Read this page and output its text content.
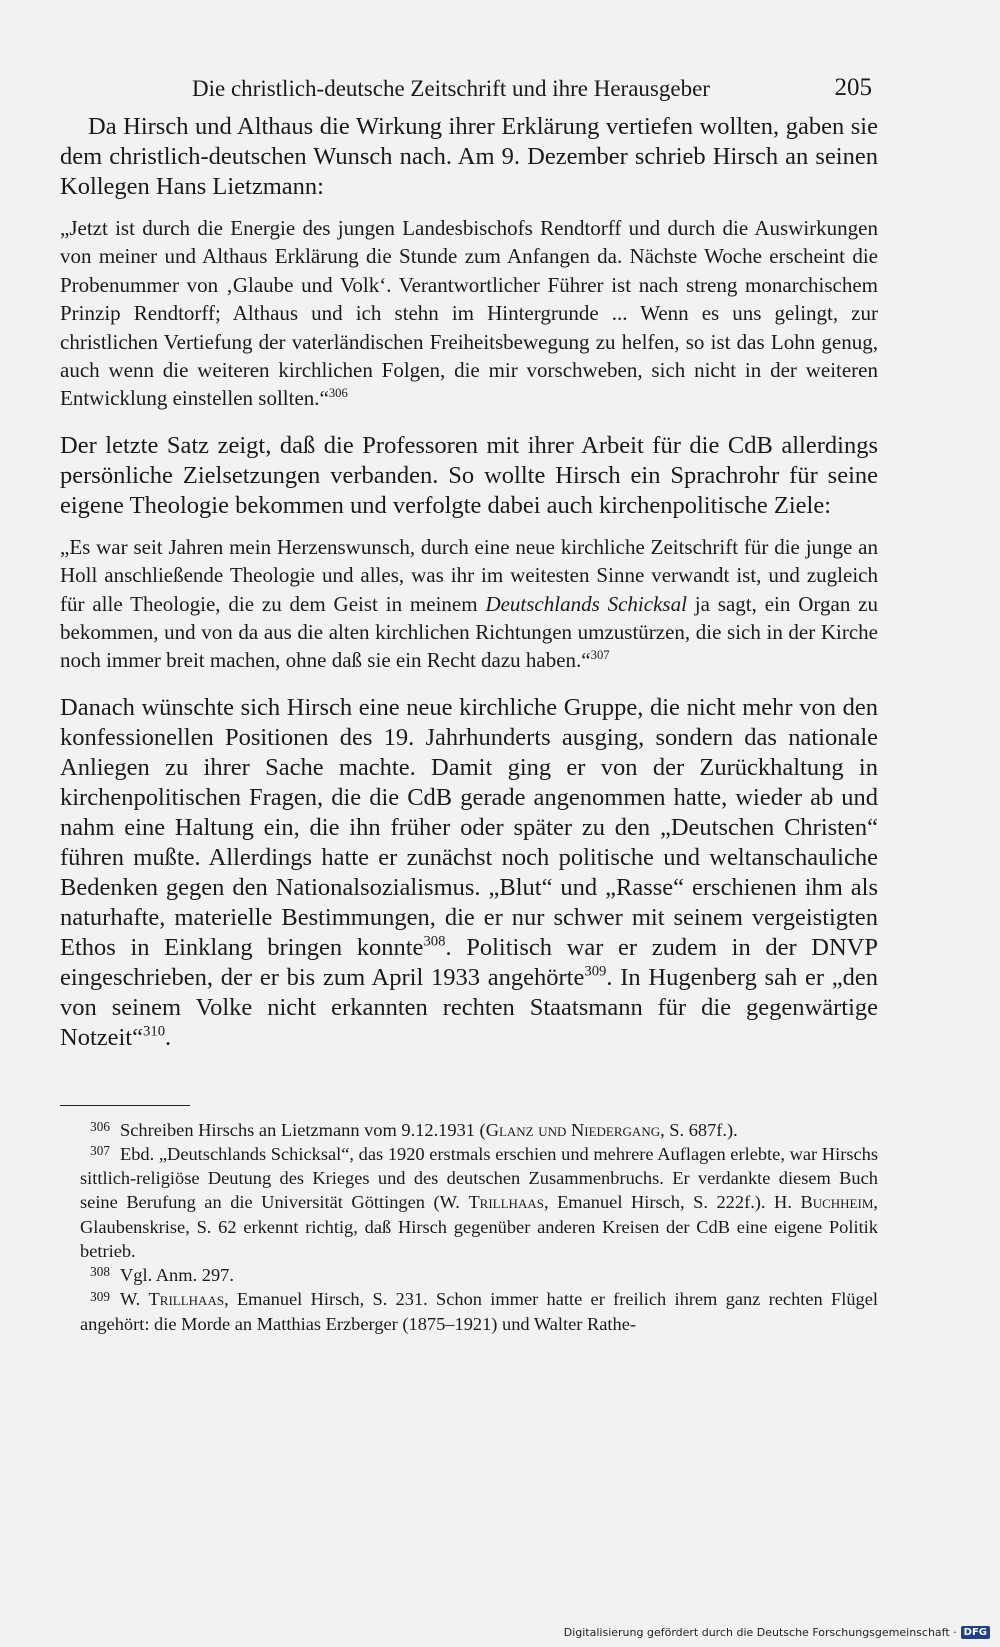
Die christlich-deutsche Zeitschrift und ihre Herausgeber	205

Da Hirsch und Althaus die Wirkung ihrer Erklärung vertiefen wollten, gaben sie dem christlich-deutschen Wunsch nach. Am 9. Dezember schrieb Hirsch an seinen Kollegen Hans Lietzmann:

„Jetzt ist durch die Energie des jungen Landesbischofs Rendtorff und durch die Auswirkungen von meiner und Althaus Erklärung die Stunde zum Anfangen da. Nächste Woche erscheint die Probenummer von ‚Glaube und Volk‘. Verantwortlicher Führer ist nach streng monarchischem Prinzip Rendtorff; Althaus und ich stehn im Hintergrunde ... Wenn es uns gelingt, zur christlichen Vertiefung der vaterländischen Freiheitsbewegung zu helfen, so ist das Lohn genug, auch wenn die weiteren kirchlichen Folgen, die mir vorschweben, sich nicht in der weiteren Entwicklung einstellen sollten.“$^{306}$

Der letzte Satz zeigt, daß die Professoren mit ihrer Arbeit für die CdB allerdings persönliche Zielsetzungen verbanden. So wollte Hirsch ein Sprachrohr für seine eigene Theologie bekommen und verfolgte dabei auch kirchenpolitische Ziele:

„Es war seit Jahren mein Herzenswunsch, durch eine neue kirchliche Zeitschrift für die junge an Holl anschließende Theologie und alles, was ihr im weitesten Sinne verwandt ist, und zugleich für alle Theologie, die zu dem Geist in meinem Deutschlands Schicksal ja sagt, ein Organ zu bekommen, und von da aus die alten kirchlichen Richtungen umzustürzen, die sich in der Kirche noch immer breit machen, ohne daß sie ein Recht dazu haben.“$^{307}$

Danach wünschte sich Hirsch eine neue kirchliche Gruppe, die nicht mehr von den konfessionellen Positionen des 19. Jahrhunderts ausging, sondern das nationale Anliegen zu ihrer Sache machte. Damit ging er von der Zurückhaltung in kirchenpolitischen Fragen, die die CdB gerade angenommen hatte, wieder ab und nahm eine Haltung ein, die ihn früher oder später zu den „Deutschen Christen“ führen mußte. Allerdings hatte er zunächst noch politische und weltanschauliche Bedenken gegen den Nationalsozialismus. „Blut“ und „Rasse“ erschienen ihm als naturhafte, materielle Bestimmungen, die er nur schwer mit seinem vergeistigten Ethos in Einklang bringen konnte$^{308}$. Politisch war er zudem in der DNVP eingeschrieben, der er bis zum April 1933 angehörte$^{309}$. In Hugenberg sah er „den von seinem Volke nicht erkannten rechten Staatsmann für die gegenwärtige Notzeit“$^{310}$.

306 Schreiben Hirschs an Lietzmann vom 9.12.1931 (Glanz und Niedergang, S. 687f.).

307 Ebd. „Deutschlands Schicksal“, das 1920 erstmals erschien und mehrere Auflagen erlebte, war Hirschs sittlich-religiöse Deutung des Krieges und des deutschen Zusammenbruchs. Er verdankte diesem Buch seine Berufung an die Universität Göttingen (W. Trillhaas, Emanuel Hirsch, S. 222f.). H. Buchheim, Glaubenskrise, S. 62 erkennt richtig, daß Hirsch gegenüber anderen Kreisen der CdB eine eigene Politik betrieb.

308 Vgl. Anm. 297.

309 W. Trillhaas, Emanuel Hirsch, S. 231. Schon immer hatte er freilich ihrem ganz rechten Flügel angehört: die Morde an Matthias Erzberger (1875–1921) und Walter Rathe-

Digitalisierung gefördert durch die Deutsche Forschungsgemeinschaft · DFG
